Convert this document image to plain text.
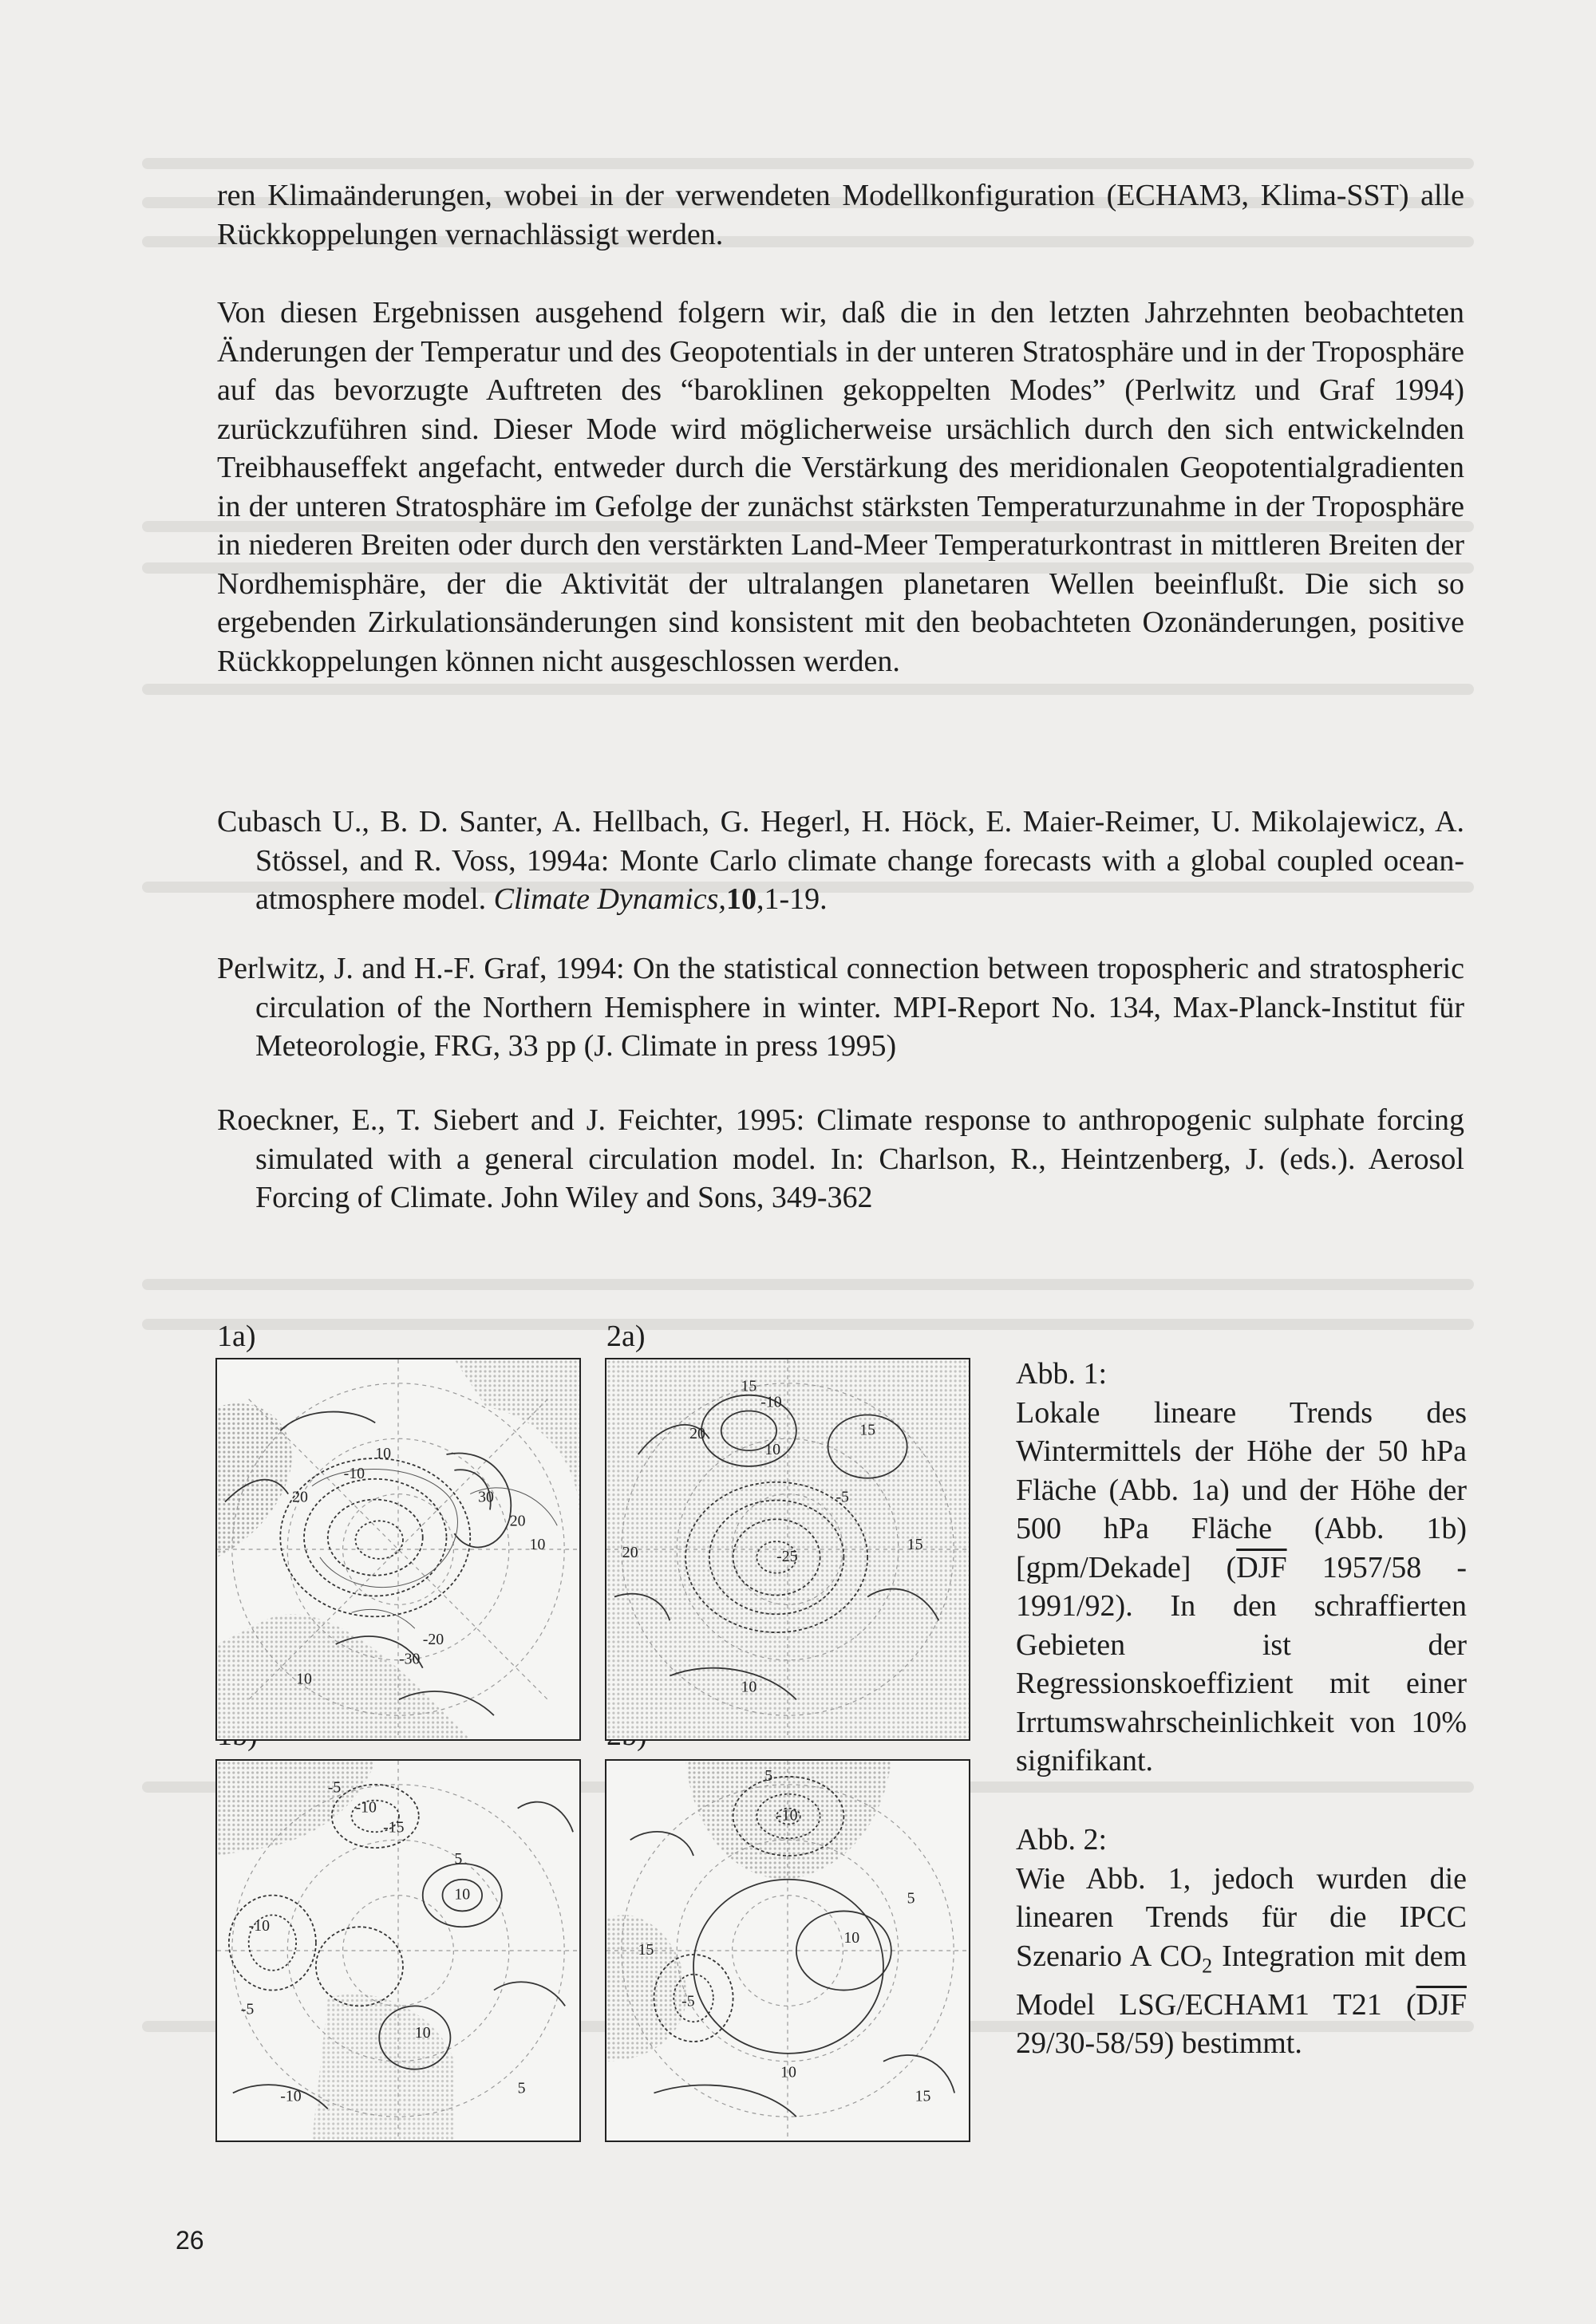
ren Klimaänderungen, wobei in der verwendeten Modellkonfiguration (ECHAM3, Klima-SST) alle Rückkoppelungen vernachlässigt werden.

Von diesen Ergebnissen ausgehend folgern wir, daß die in den letzten Jahrzehnten beobachteten Änderungen der Temperatur und des Geopotentials in der unteren Stratosphäre und in der Troposphäre auf das bevorzugte Auftreten des “baroklinen gekoppelten Modes” (Perlwitz und Graf 1994) zurückzuführen sind. Dieser Mode wird möglicherweise ursächlich durch den sich entwickelnden Treibhauseffekt angefacht, entweder durch die Verstärkung des meridionalen Geopotentialgradienten in der unteren Stratosphäre im Gefolge der zunächst stärksten Temperaturzunahme in der Troposphäre in niederen Breiten oder durch den verstärkten Land-Meer Temperaturkontrast in mittleren Breiten der Nordhemisphäre, der die Aktivität der ultralangen planetaren Wellen beeinflußt. Die sich so ergebenden Zirkulationsänderungen sind konsistent mit den beobachteten Ozonänderungen, positive Rückkoppelungen können nicht ausgeschlossen werden.

Cubasch U., B. D. Santer, A. Hellbach, G. Hegerl, H. Höck, E. Maier-Reimer, U. Mikolajewicz, A. Stössel, and R. Voss, 1994a: Monte Carlo climate change forecasts with a global coupled ocean-atmosphere model. Climate Dynamics,10,1-19.
Perlwitz, J. and H.-F. Graf, 1994: On the statistical connection between tropospheric and stratospheric circulation of the Northern Hemisphere in winter. MPI-Report No. 134, Max-Planck-Institut für Meteorologie, FRG, 33 pp (J. Climate in press 1995)
Roeckner, E., T. Siebert and J. Feichter, 1995: Climate response to anthropogenic sulphate forcing simulated with a general circulation model. In: Charlson, R., Heintzenberg, J. (eds.). Aerosol Forcing of Climate. John Wiley and Sons, 349-362
1a)	2a)
10
-10
20	30
20
10
-20
-30
10
15
-10
20
10
15
-5
15
-25
20
10
-5
-10
-15
5
10
-10
10
-5
-10	5
5
-10
15
10
5
10
-5
15
Abb. 1:
Lokale lineare Trends des Wintermittels der Höhe der 50 hPa Fläche (Abb. 1a) und der Höhe der 500 hPa Fläche (Abb. 1b) [gpm/Dekade] ($\overline{DJF}$ 1957/58 - 1991/92). In den schraffierten Gebieten ist der Regressionskoeffizient mit einer Irrtumswahrscheinlichkeit von 10% signifikant.
Abb. 2:
Wie Abb. 1, jedoch wurden die linearen Trends für die IPCC Szenario A $CO_2$ Integration mit dem Model LSG/ECHAM1 T21 ($\overline{DJF}$ 29/30-58/59) bestimmt.
26
